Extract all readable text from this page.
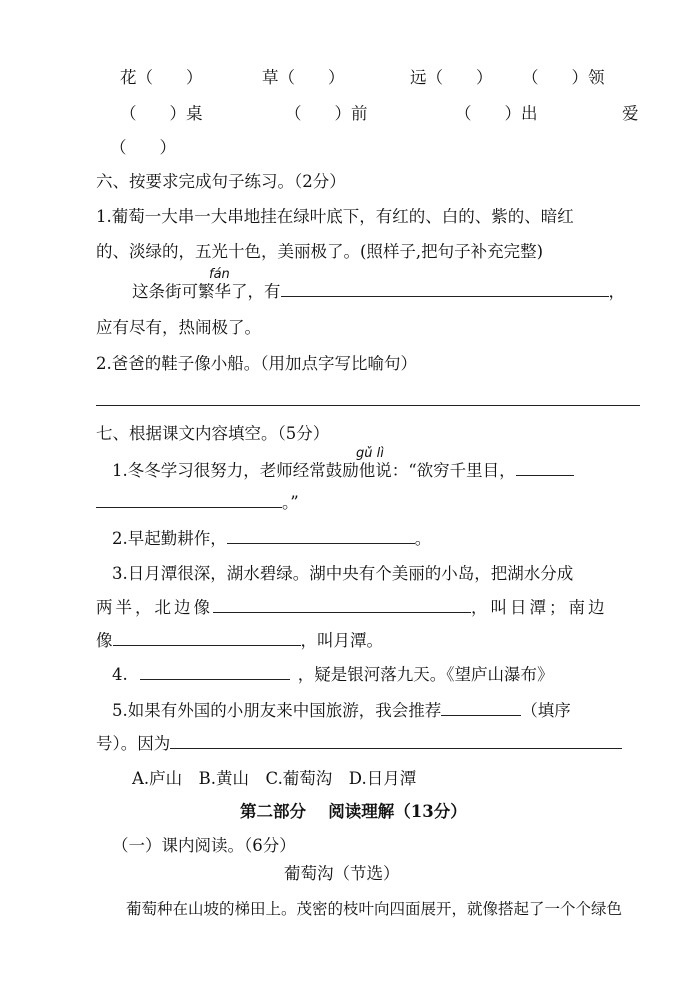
花（　　）	草（　　）	远（　　） （　　）领
（　　）桌	（　　）前	（　　）出	爱
（　　）
六、按要求完成句子练习。（2分）
1.葡萄一大串一大串地挂在绿叶底下，有红的、白的、紫的、暗红
的、淡绿的，五光十色，美丽极了。(照样子,把句子补充完整)
fán
这条街可繁华了，有	，
应有尽有，热闹极了。
2.爸爸的鞋子像小船。（用加点字写比喻句）
七、根据课文内容填空。（5分）
gǔ lì
1.冬冬学习很努力，老师经常鼓励他说：“欲穷千里目，
。”
2.早起勤耕作，	。
3.日月潭很深，湖水碧绿。湖中央有个美丽的小岛，把湖水分成
两半，北边像	，叫日潭；南边
像	，叫月潭。
4.	，疑是银河落九天。《望庐山瀑布》
5.如果有外国的小朋友来中国旅游，我会推荐	（填序
号）。因为
A.庐山　B.黄山　C.葡萄沟　D.日月潭
第二部分　 阅读理解（13分）
（一）课内阅读。（6分）
葡萄沟（节选）
葡萄种在山坡的梯田上。茂密的枝叶向四面展开，就像搭起了一个个绿色
